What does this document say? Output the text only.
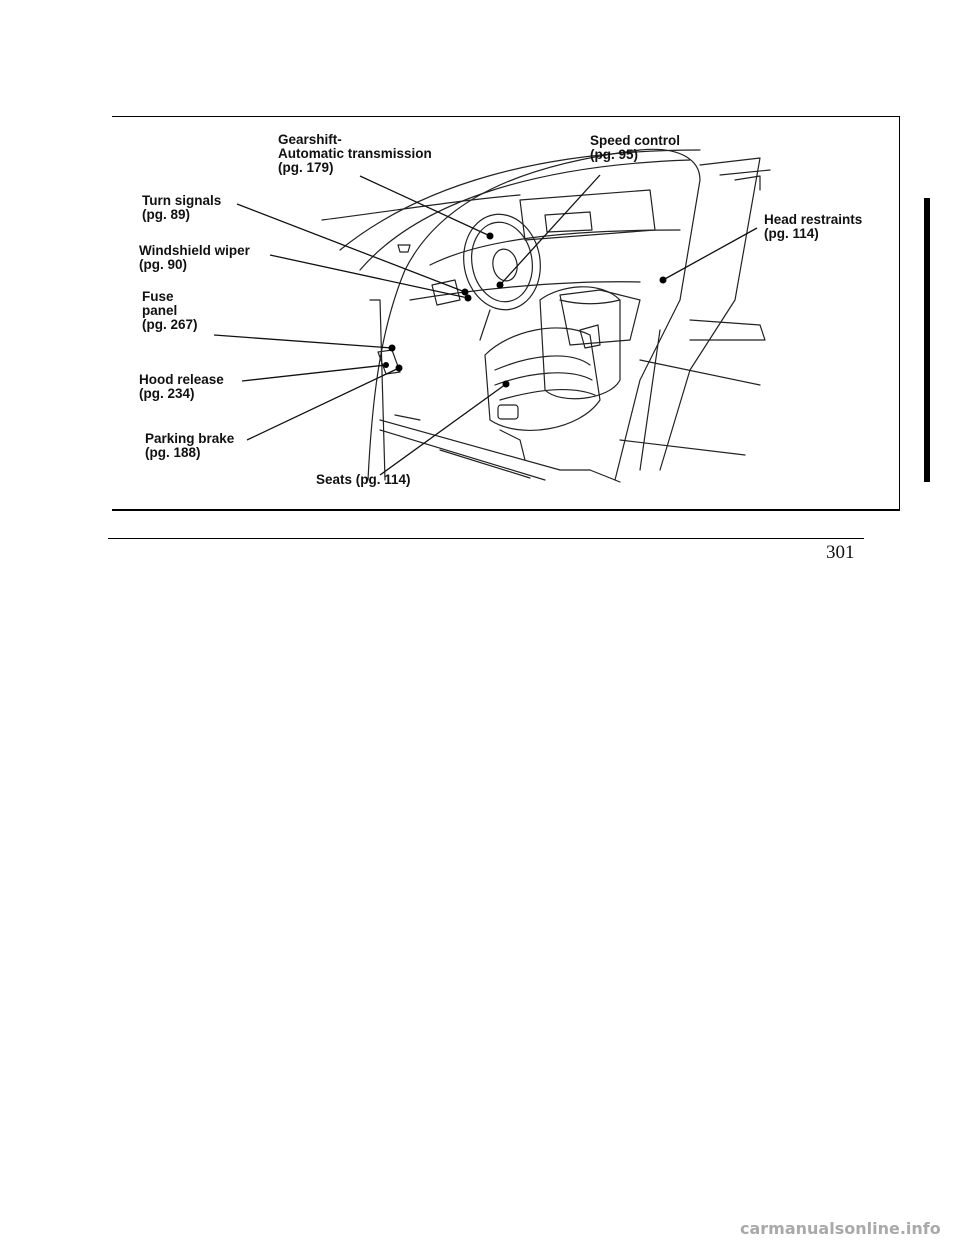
Gearshift-
Automatic transmission
(pg. 179)
Speed control
(pg. 95)
Turn signals
(pg. 89)	Head restraints
(pg. 114)
Windshield wiper
(pg. 90)
Fuse
panel
(pg. 267)
Hood release
(pg. 234)
Parking brake
(pg. 188)
Seats (pg. 114)
301
carmanualsonline.info
